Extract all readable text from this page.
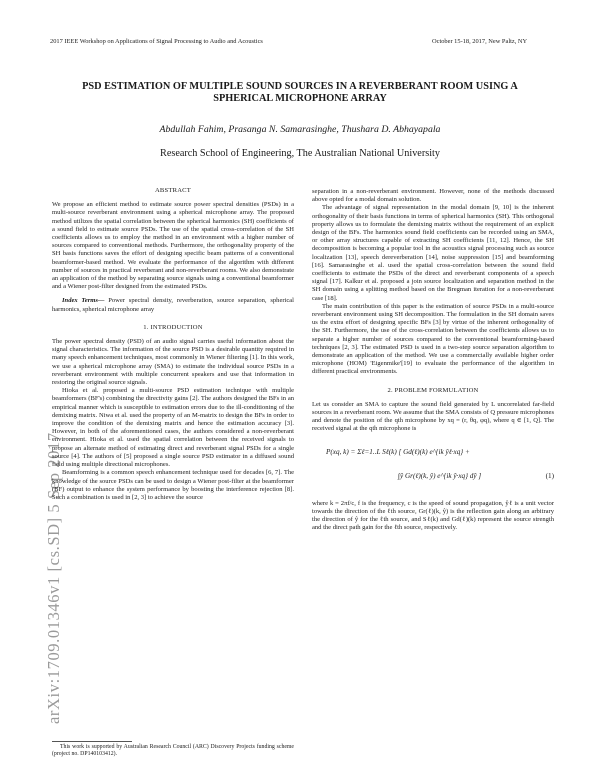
2017 IEEE Workshop on Applications of Signal Processing to Audio and Acoustics	October 15-18, 2017, New Paltz, NY
arXiv:1709.01346v1 [cs.SD] 5 Sep 2017
PSD ESTIMATION OF MULTIPLE SOUND SOURCES IN A REVERBERANT ROOM USING A SPHERICAL MICROPHONE ARRAY
Abdullah Fahim, Prasanga N. Samarasinghe, Thushara D. Abhayapala
Research School of Engineering, The Australian National University
ABSTRACT

We propose an efficient method to estimate source power spectral densities (PSDs) in a multi-source reverberant environment using a spherical microphone array. The proposed method utilizes the spatial correlation between the spherical harmonics (SH) coefficients of a sound field to estimate source PSDs. The use of the spatial cross-correlation of the SH coefficients allows us to employ the method in an environment with a higher number of sources compared to conventional methods. Furthermore, the orthogonality property of the SH basis functions saves the effort of designing specific beam patterns of a conventional beamformer-based method. We evaluate the performance of the algorithm with different number of sources in practical reverberant and non-reverberant rooms. We also demonstrate an application of the method by separating source signals using a conventional beamformer and a Wiener post-filter designed from the estimated PSDs.

Index Terms— Power spectral density, reverberation, source separation, spherical harmonics, spherical microphone array

1. INTRODUCTION

The power spectral density (PSD) of an audio signal carries useful information about the signal characteristics. The information of the source PSD is a desirable quantity required in many speech enhancement techniques, most commonly in Wiener filtering [1]. In this work, we use a spherical microphone array (SMA) to estimate the individual source PSDs in a reverberant environment with multiple concurrent speakers and use that information in restoring the original source signals.

Hioka et al. proposed a multi-source PSD estimation technique with multiple beamformers (BF's) combining the directivity gains [2]. The authors designed the BFs in an empirical manner which is susceptible to estimation errors due to the ill-conditioning of the demixing matrix. Niwa et al. used the property of an M-matrix to design the BFs in order to improve the condition of the demixing matrix and hence the estimation accuracy [3]. However, in both of the aforementioned cases, the authors considered a non-reverberant environment. Hioka et al. used the spatial correlation between the received signals to propose an alternate method of estimating direct and reverberant signal PSDs for a single source [4]. The authors of [5] proposed a single source PSD estimator in a diffused sound field using multiple directional microphones.

Beamforming is a common speech enhancement technique used for decades [6, 7]. The knowledge of the source PSDs can be used to design a Wiener post-filter at the beamformer (BF) output to enhance the system performance by boosting the interference rejection [8]. Such a combination is used in [2, 3] to achieve the source

separation in a non-reverberant environment. However, none of the methods discussed above opted for a modal domain solution.

The advantage of signal representation in the modal domain [9, 10] is the inherent orthogonality of their basis functions in terms of spherical harmonics (SH). This orthogonal property allows us to formulate the demixing matrix without the requirement of an explicit design of the BFs. The harmonics sound field coefficients can be recorded using an SMA, or other array structures capable of extracting SH coefficients [11, 12]. Hence, the SH decomposition is becoming a popular tool in the acoustics signal processing such as source localization [13], speech dereverberation [14], noise suppression [15] and beamforming [16]. Samarasinghe et al. used the spatial cross-correlation between the sound field coefficients to estimate the PSDs of the direct and reverberant components of a speech signal [17]. Kalkur et al. proposed a join source localization and separation method in the SH domain using a splitting method based on the Bregman iteration for a non-reverberant case [18].

The main contribution of this paper is the estimation of source PSDs in a multi-source reverberant environment using SH decomposition. The formulation in the SH domain saves us the extra effort of designing specific BFs [3] by virtue of the inherent orthogonality of the SH. Furthermore, the use of the cross-correlation between the coefficients allows us to separate a higher number of sources compared to the conventional beamforming-based techniques [2, 3]. The estimated PSD is used in a two-step source separation algorithm to demonstrate an application of the method. We use a commercially available higher order microphone (HOM) 'Eigenmike'[19] to evaluate the performance of the algorithm in different practical environments.

2. PROBLEM FORMULATION

Let us consider an SMA to capture the sound field generated by L uncorrelated far-field sources in a reverberant room. We assume that the SMA consists of Q pressure microphones and denote the position of the qth microphone by xq = (r, θq, φq), where q ∈ [1, Q]. The received signal at the qth microphone is

P(xq, k) = Σℓ=1..L Sℓ(k) [ Gd(ℓ)(k) e^{ik ŷℓ·xq} +
∫ŷ Gr(ℓ)(k, ŷ) e^{ik ŷ·xq} dŷ ]	(1)

where k = 2πf/c, f is the frequency, c is the speed of sound propagation, ŷℓ is a unit vector towards the direction of the ℓth source, Gr(ℓ)(k, ŷ) is the reflection gain along an arbitrary the direction of ŷ for the ℓth source, and Sℓ(k) and Gd(ℓ)(k) represent the source strength and the direct path gain for the ℓth source, respectively.

This work is supported by Australian Research Council (ARC) Discovery Projects funding scheme (project no. DP140103412).
